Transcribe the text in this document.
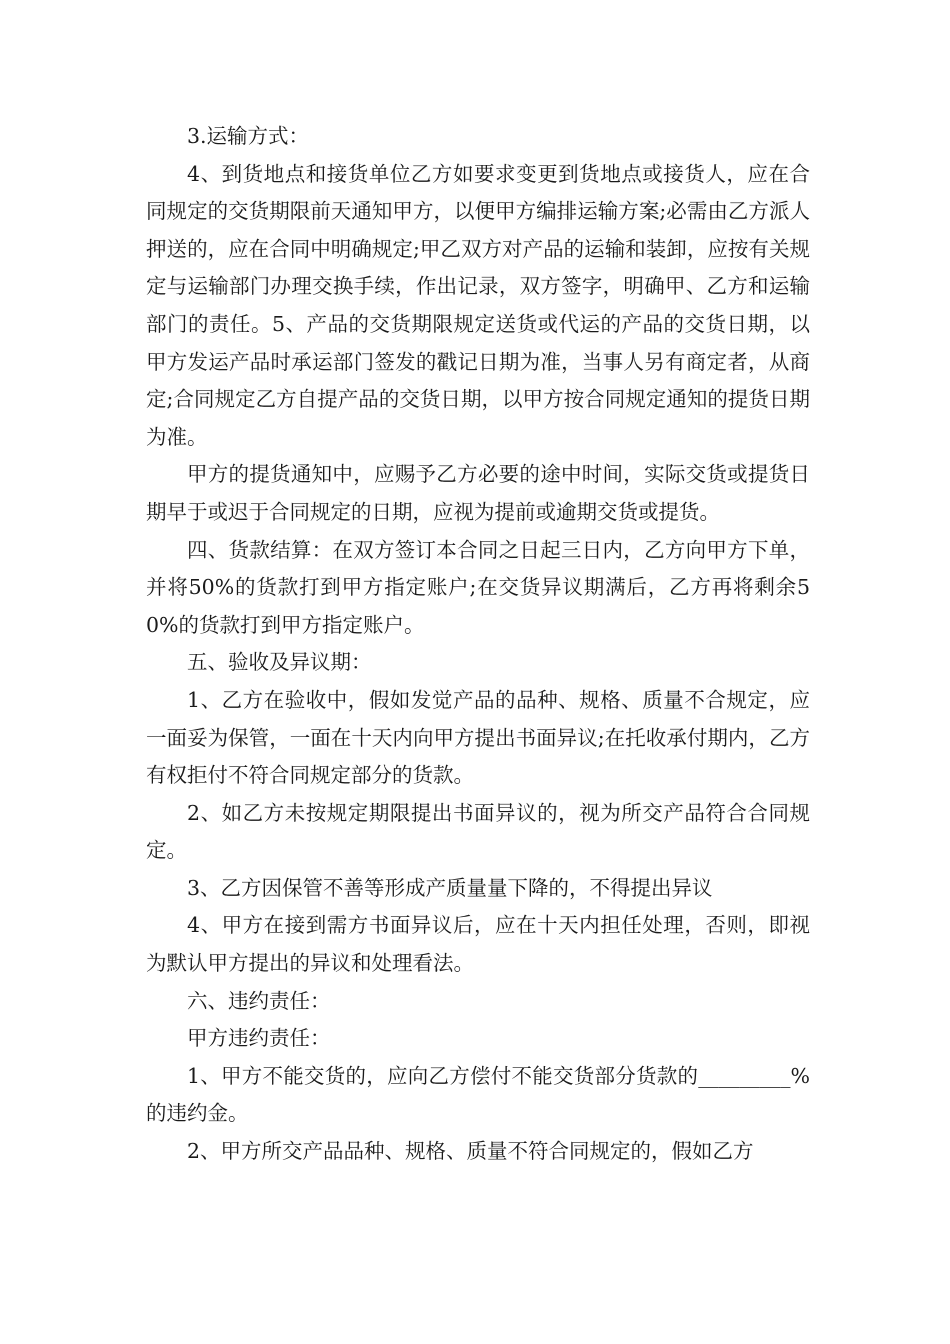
3.运输方式：

4、到货地点和接货单位乙方如要求变更到货地点或接货人，应在合同规定的交货期限前天通知甲方，以便甲方编排运输方案;必需由乙方派人押送的，应在合同中明确规定;甲乙双方对产品的运输和装卸，应按有关规定与运输部门办理交换手续，作出记录，双方签字，明确甲、乙方和运输部门的责任。5、产品的交货期限规定送货或代运的产品的交货日期，以甲方发运产品时承运部门签发的戳记日期为准，当事人另有商定者，从商定;合同规定乙方自提产品的交货日期，以甲方按合同规定通知的提货日期为准。

甲方的提货通知中，应赐予乙方必要的途中时间，实际交货或提货日期早于或迟于合同规定的日期，应视为提前或逾期交货或提货。

四、货款结算：在双方签订本合同之日起三日内，乙方向甲方下单，并将50%的货款打到甲方指定账户;在交货异议期满后，乙方再将剩余50%的货款打到甲方指定账户。

五、验收及异议期：

1、乙方在验收中，假如发觉产品的品种、规格、质量不合规定，应一面妥为保管，一面在十天内向甲方提出书面异议;在托收承付期内，乙方有权拒付不符合同规定部分的货款。

2、如乙方未按规定期限提出书面异议的，视为所交产品符合合同规定。

3、乙方因保管不善等形成产质量量下降的，不得提出异议

4、甲方在接到需方书面异议后，应在十天内担任处理，否则，即视为默认甲方提出的异议和处理看法。

六、违约责任：

甲方违约责任：

1、甲方不能交货的，应向乙方偿付不能交货部分货款的_________%的违约金。

2、甲方所交产品品种、规格、质量不符合同规定的，假如乙方
